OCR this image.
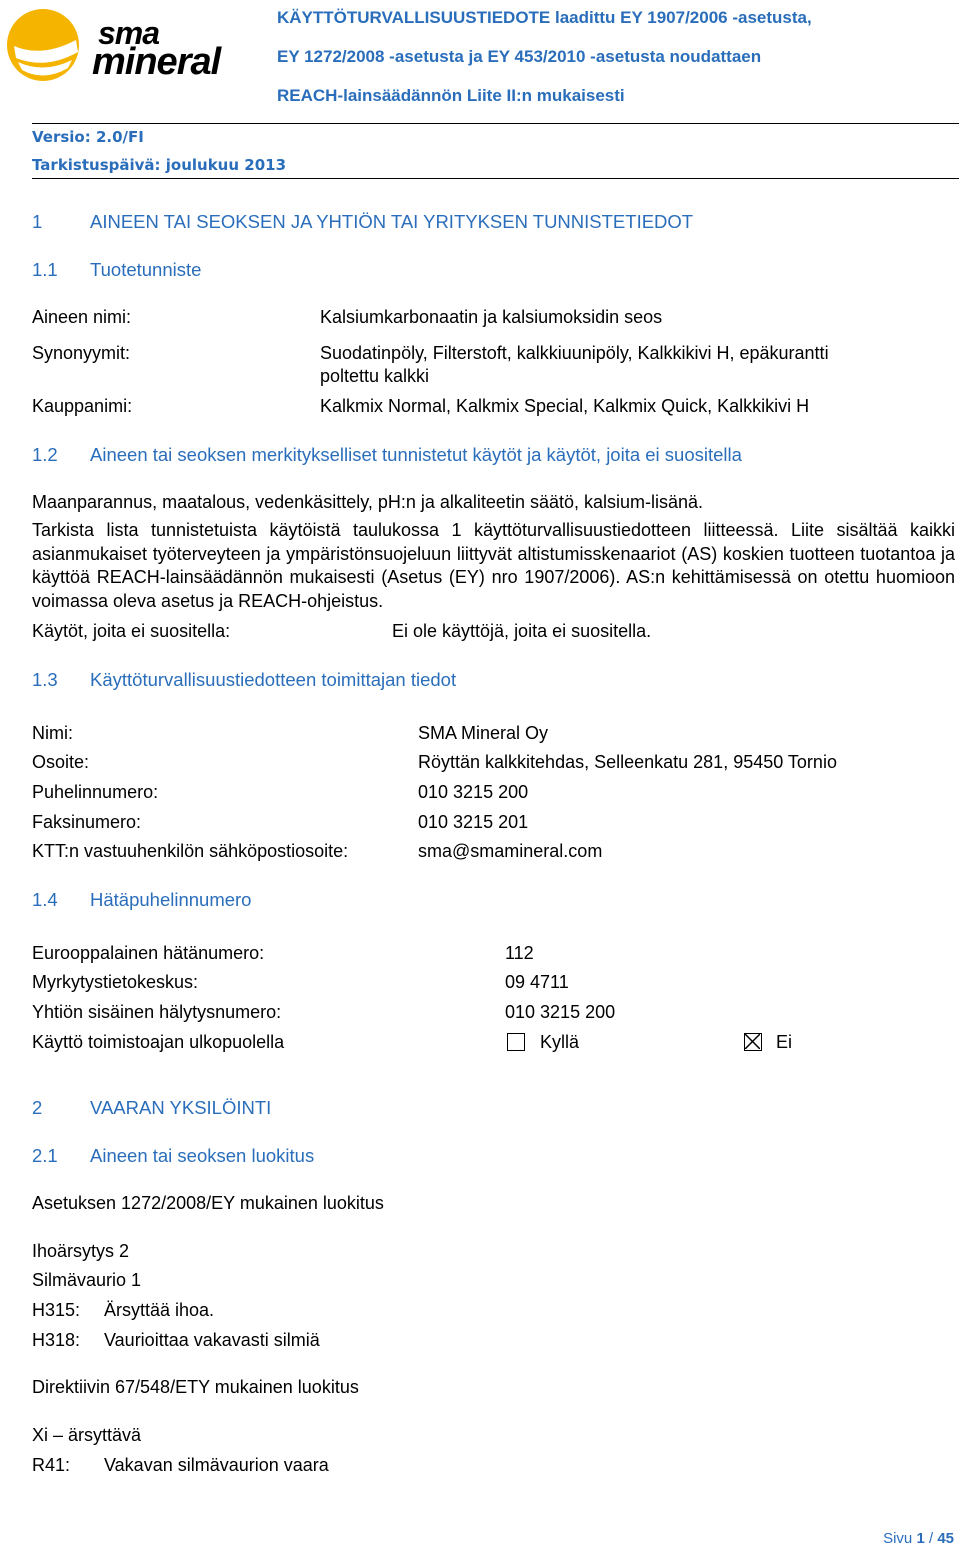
sma
mineral
KÄYTTÖTURVALLISUUSTIEDOTE laadittu EY 1907/2006 -asetusta,
EY 1272/2008 -asetusta ja EY 453/2010 -asetusta noudattaen
REACH-lainsäädännön Liite II:n mukaisesti
Versio: 2.0/FI
Tarkistuspäivä: joulukuu 2013
1	AINEEN TAI SEOKSEN JA YHTIÖN TAI YRITYKSEN TUNNISTETIEDOT
1.1 Tuotetunniste
Aineen nimi:	Kalsiumkarbonaatin ja kalsiumoksidin seos
Synonyymit:	Suodatinpöly, Filterstoft, kalkkiuunipöly, Kalkkikivi H, epäkurantti
poltettu kalkki
Kauppanimi:	Kalkmix Normal, Kalkmix Special, Kalkmix Quick, Kalkkikivi H
1.2 Aineen tai seoksen merkitykselliset tunnistetut käytöt ja käytöt, joita ei suositella
Maanparannus, maatalous, vedenkäsittely, pH:n ja alkaliteetin säätö, kalsium-lisänä.
Tarkista lista tunnistetuista käytöistä taulukossa 1 käyttöturvallisuustiedotteen liitteessä. Liite sisältää kaikki asianmukaiset työterveyteen ja ympäristönsuojeluun liittyvät altistumisskenaariot (AS) koskien tuotteen tuotantoa ja käyttöä REACH-lainsäädännön mukaisesti (Asetus (EY) nro 1907/2006). AS:n kehittämisessä on otettu huomioon voimassa oleva asetus ja REACH-ohjeistus.
Käytöt, joita ei suositella:	Ei ole käyttöjä, joita ei suositella.
1.3 Käyttöturvallisuustiedotteen toimittajan tiedot
Nimi:	SMA Mineral Oy
Osoite:	Röyttän kalkkitehdas, Selleenkatu 281, 95450 Tornio
Puhelinnumero:	010 3215 200
Faksinumero:	010 3215 201
KTT:n vastuuhenkilön sähköpostiosoite:	sma@smamineral.com
1.4 Hätäpuhelinnumero
Eurooppalainen hätänumero:	112
Myrkytystietokeskus:	09 4711
Yhtiön sisäinen hälytysnumero:	010 3215 200
Käyttö toimistoajan ulkopuolella	Kyllä	Ei
2	VAARAN YKSILÖINTI
2.1 Aineen tai seoksen luokitus
Asetuksen 1272/2008/EY mukainen luokitus
Ihoärsytys 2
Silmävaurio 1
H315: Ärsyttää ihoa.
H318: Vaurioittaa vakavasti silmiä
Direktiivin 67/548/ETY mukainen luokitus
Xi – ärsyttävä
R41: Vakavan silmävaurion vaara
Sivu 1 / 45
